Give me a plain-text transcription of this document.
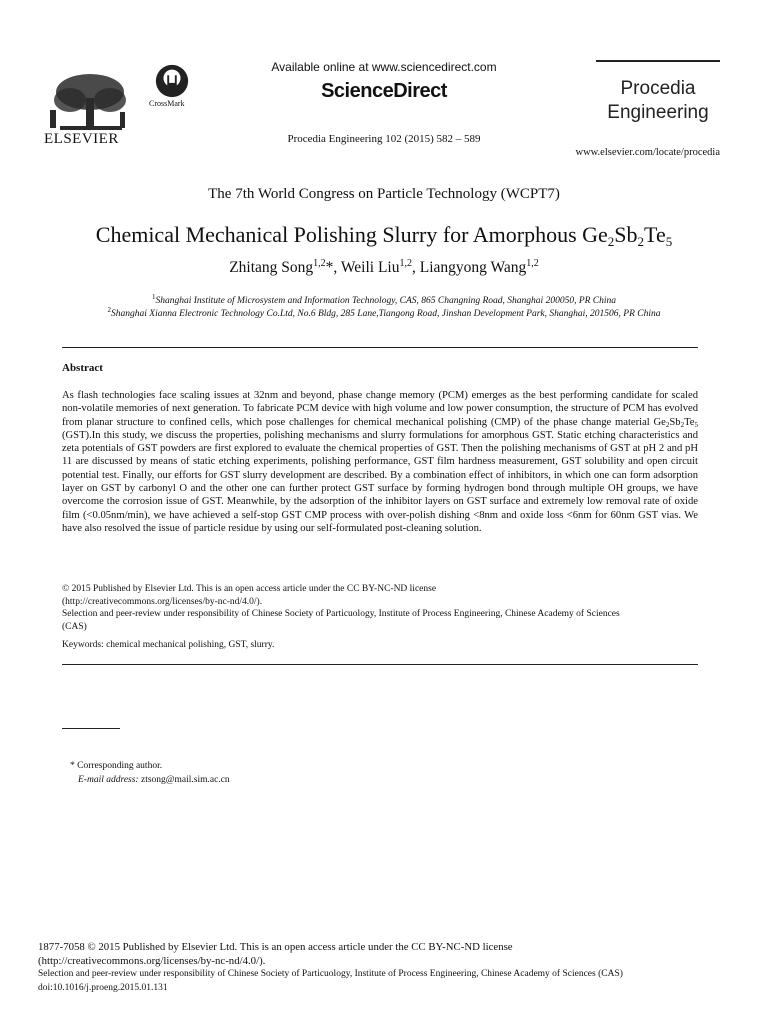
ELSEVIER
CrossMark
Available online at www.sciencedirect.com
ScienceDirect
Procedia Engineering 102 (2015) 582 – 589
Procedia
Engineering
www.elsevier.com/locate/procedia
The 7th World Congress on Particle Technology (WCPT7)
Chemical Mechanical Polishing Slurry for Amorphous $Ge_2Sb_2Te_5$
Zhitang Song$^{1,2}$*, Weili Liu$^{1,2}$, Liangyong Wang$^{1,2}$
$^1$Shanghai Institute of Microsystem and Information Technology, CAS, 865 Changning Road, Shanghai 200050, PR China
$^2$Shanghai Xianna Electronic Technology Co.Ltd, No.6 Bldg, 285 Lane,Tiangong Road, Jinshan Development Park, Shanghai, 201506, PR China
Abstract
As flash technologies face scaling issues at 32nm and beyond, phase change memory (PCM) emerges as the best performing candidate for scaled non-volatile memories of next generation. To fabricate PCM device with high volume and low power consumption, the structure of PCM has evolved from planar structure to confined cells, which pose challenges for chemical mechanical polishing (CMP) of the phase change material $Ge_2Sb_2Te_5$ (GST).In this study, we discuss the properties, polishing mechanisms and slurry formulations for amorphous GST. Static etching characteristics and zeta potentials of GST powders are first explored to evaluate the chemical properties of GST. Then the polishing mechanisms of GST at pH 2 and pH 11 are discussed by means of static etching experiments, polishing performance, GST film hardness measurement, GST solubility and open circuit potential test. Finally, our efforts for GST slurry development are described. By a combination effect of inhibitors, in which one can form adsorption layer on GST by carbonyl O and the other one can further protect GST surface by forming hydrogen bond through multiple OH groups, we have overcome the corrosion issue of GST. Meanwhile, by the adsorption of the inhibitor layers on GST surface and extremely low removal rate of oxide film (<0.05nm/min), we have achieved a self-stop GST CMP process with over-polish dishing <8nm and oxide loss <6nm for 60nm GST vias. We have also resolved the issue of particle residue by using our self-formulated post-cleaning solution.
© 2015 Published by Elsevier Ltd. This is an open access article under the CC BY-NC-ND license
(http://creativecommons.org/licenses/by-nc-nd/4.0/).
Selection and peer-review under responsibility of Chinese Society of Particuology, Institute of Process Engineering, Chinese Academy of Sciences (CAS)
Keywords: chemical mechanical polishing, GST, slurry.
* Corresponding author.
E-mail address: ztsong@mail.sim.ac.cn
1877-7058 © 2015 Published by Elsevier Ltd. This is an open access article under the CC BY-NC-ND license
(http://creativecommons.org/licenses/by-nc-nd/4.0/).
Selection and peer-review under responsibility of Chinese Society of Particuology, Institute of Process Engineering, Chinese Academy of Sciences (CAS)
doi:10.1016/j.proeng.2015.01.131
